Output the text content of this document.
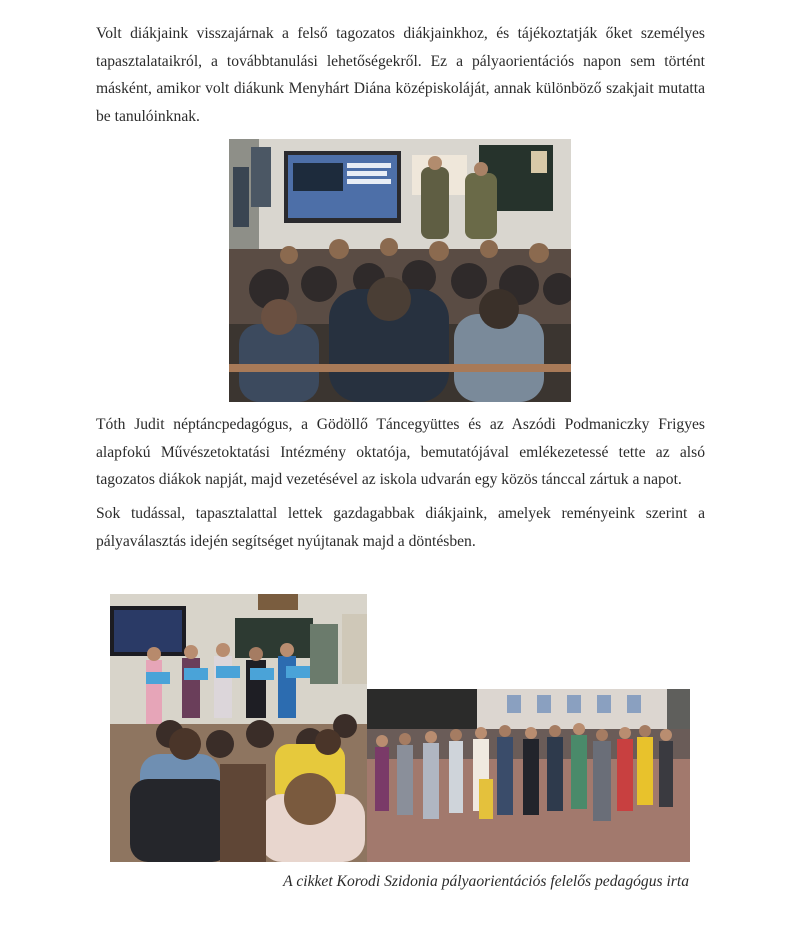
Volt diákjaink visszajárnak a felső tagozatos diákjainkhoz, és tájékoztatják őket személyes tapasztalataikról, a továbbtanulási lehetőségekről. Ez a pályaorientációs napon sem történt másként, amikor volt diákunk Menyhárt Diána középiskoláját, annak különböző szakjait mutatta be tanulóinknak.

Tóth Judit néptáncpedagógus, a Gödöllő Táncegyüttes és az Aszódi Podmaniczky Frigyes alapfokú Művészetoktatási Intézmény oktatója, bemutatójával emlékezetessé tette az alsó tagozatos diákok napját, majd vezetésével az iskola udvarán egy közös tánccal zártuk a napot.

Sok tudással, tapasztalattal lettek gazdagabbak diákjaink, amelyek reményeink szerint a pályaválasztás idején segítséget nyújtanak majd a döntésben.

A cikket Korodi Szidonia pályaorientációs felelős pedagógus irta
